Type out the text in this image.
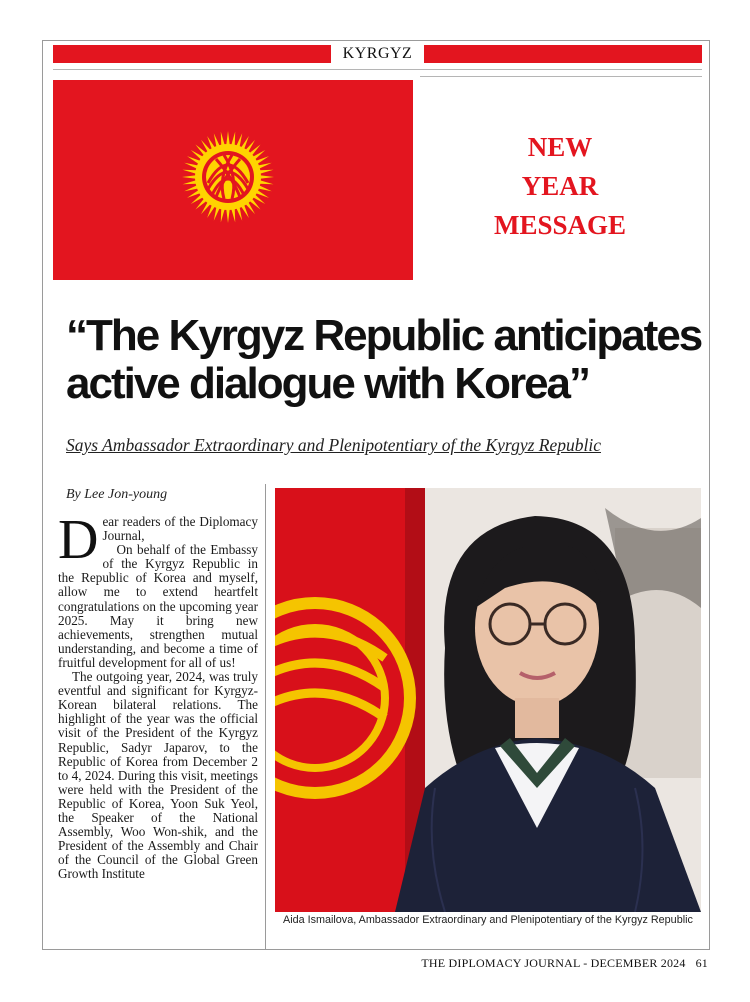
KYRGYZ
NEW
YEAR
MESSAGE
“The Kyrgyz Republic anticipates active dialogue with Korea”
Says Ambassador Extraordinary and Plenipotentiary of the Kyrgyz Republic
By Lee Jon-young

Dear readers of the Diplomacy Journal,

On behalf of the Embassy of the Kyrgyz Republic in the Republic of Korea and myself, allow me to extend heartfelt congratulations on the upcoming year 2025. May it bring new achievements, strengthen mutual understanding, and become a time of fruitful development for all of us!

The outgoing year, 2024, was truly eventful and significant for Kyrgyz-Korean bilateral relations. The highlight of the year was the official visit of the President of the Kyrgyz Republic, Sadyr Japarov, to the Republic of Korea from December 2 to 4, 2024. During this visit, meetings were held with the President of the Republic of Korea, Yoon Suk Yeol, the Speaker of the National Assembly, Woo Won-shik, and the President of the Assembly and Chair of the Council of the Global Green Growth Institute

Aida Ismailova, Ambassador Extraordinary and Plenipotentiary of the Kyrgyz Republic
THE DIPLOMACY JOURNAL - DECEMBER 2024 61
